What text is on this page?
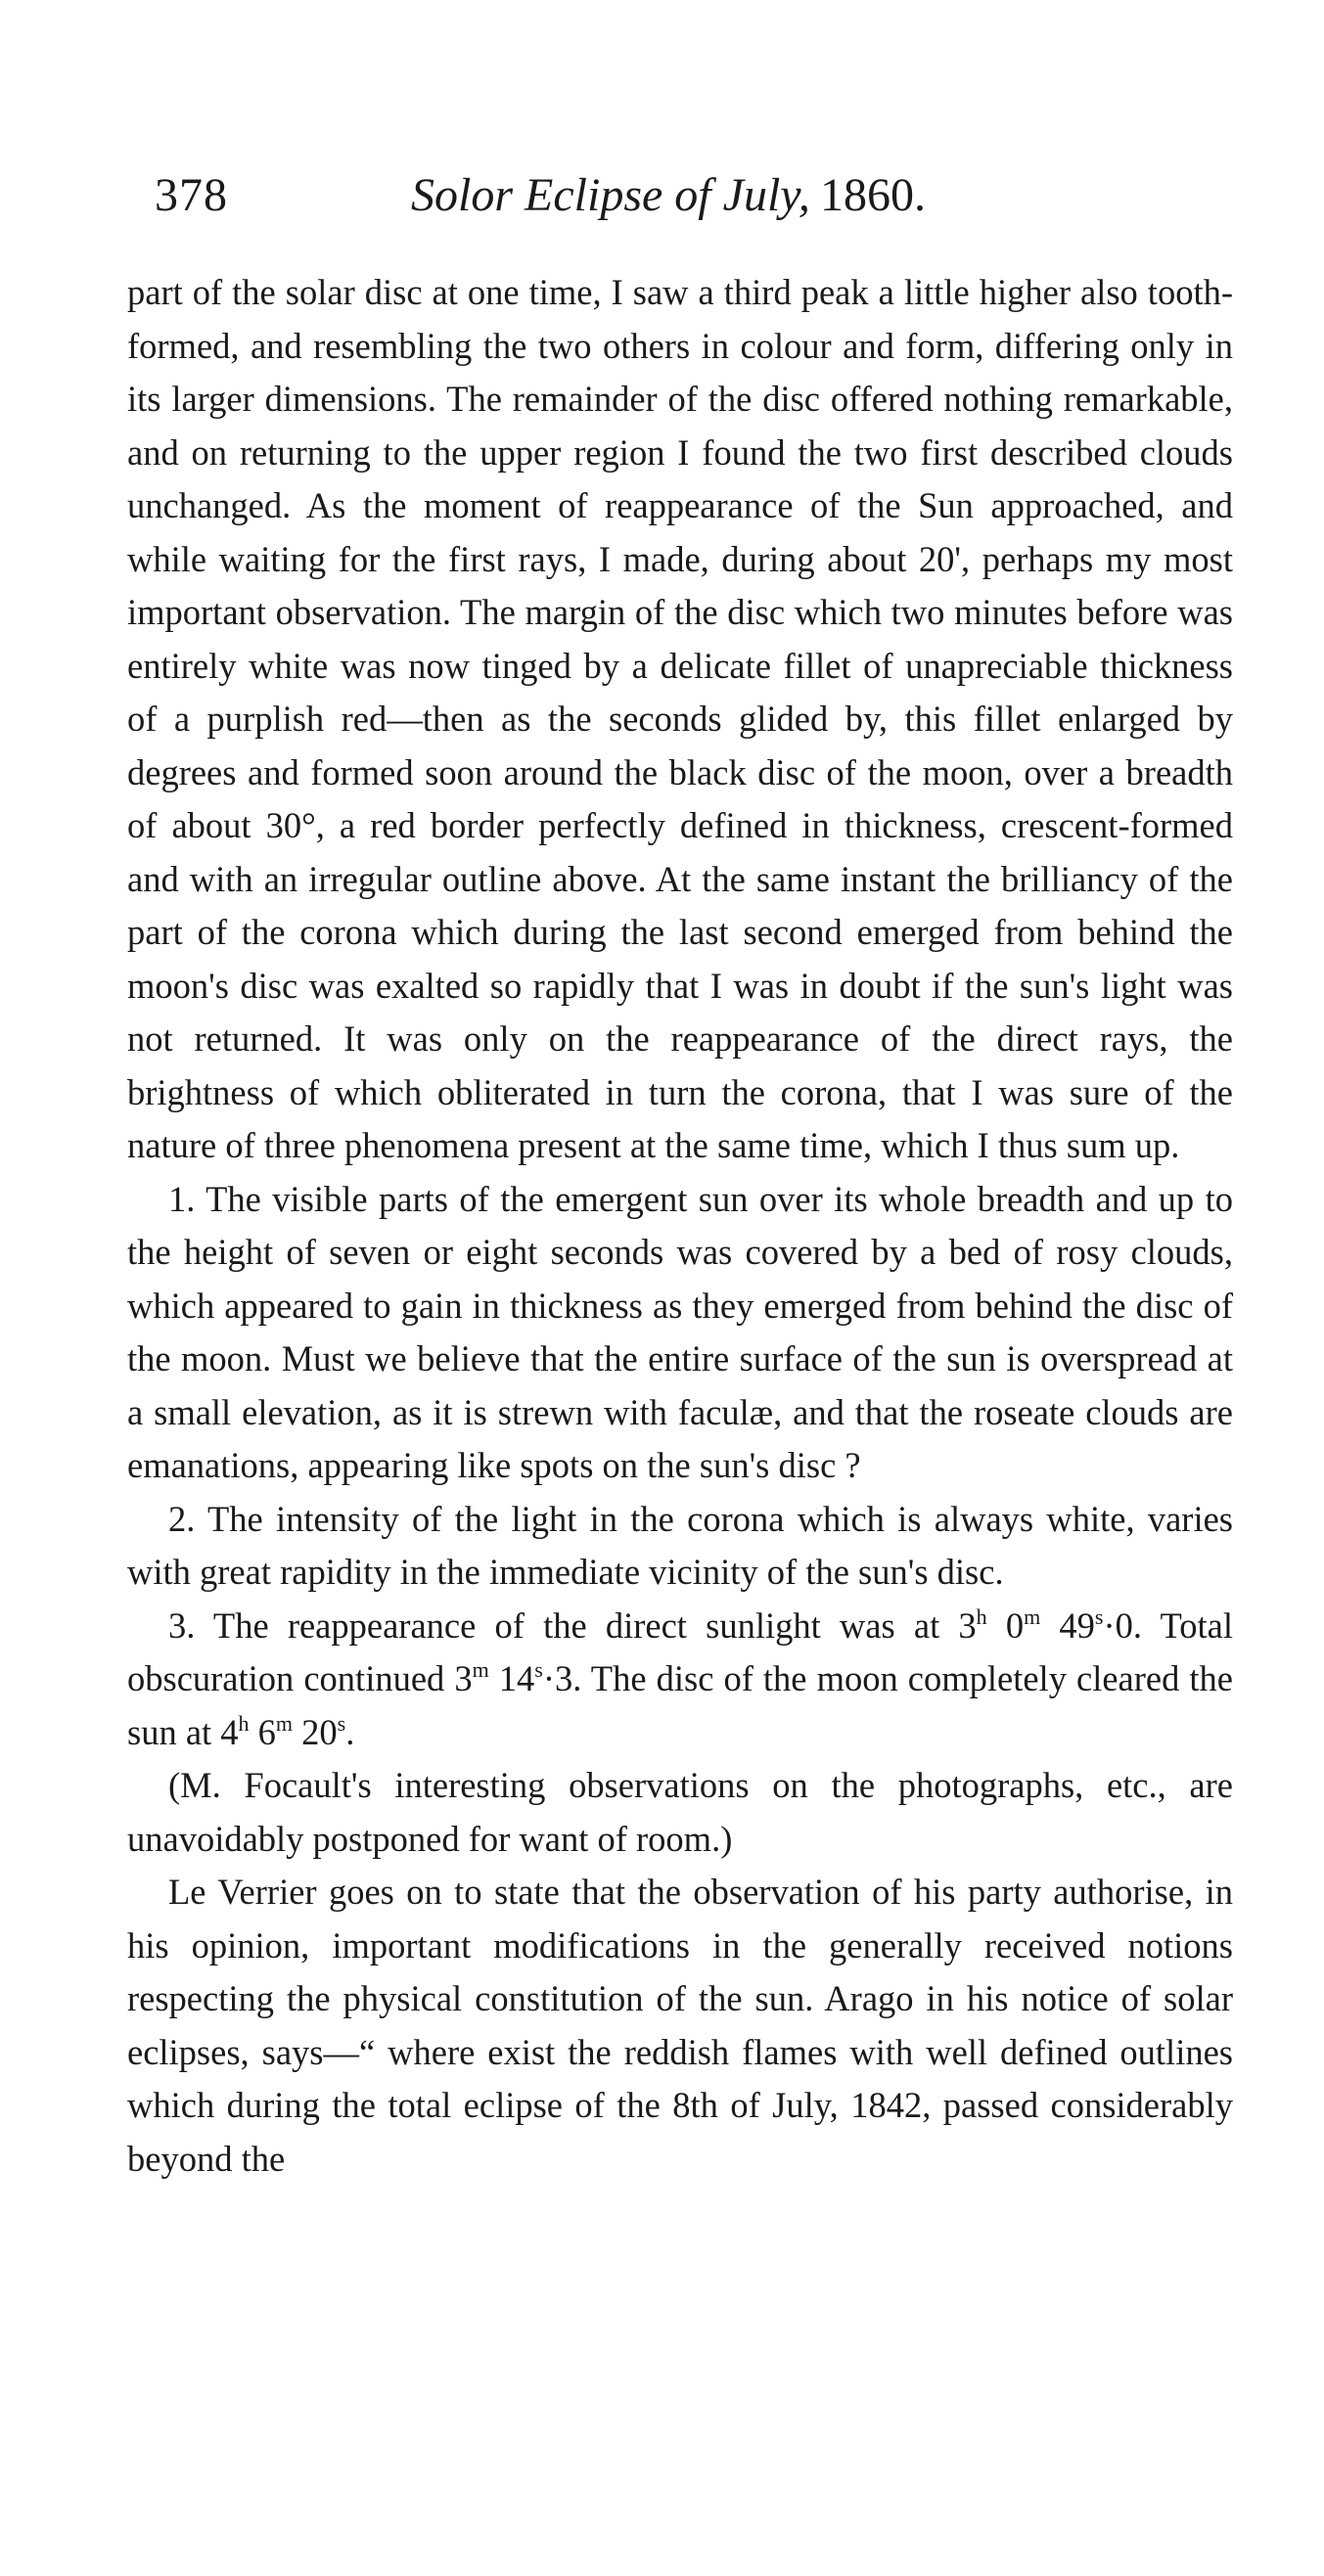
378	Solor Eclipse of July, 1860.

part of the solar disc at one time, I saw a third peak a little higher also tooth-formed, and resembling the two others in colour and form, differing only in its larger dimensions. The remainder of the disc offered nothing remarkable, and on returning to the upper region I found the two first described clouds unchanged. As the moment of reappearance of the Sun approached, and while waiting for the first rays, I made, during about 20', perhaps my most important observation. The margin of the disc which two minutes before was entirely white was now tinged by a delicate fillet of unapreciable thickness of a purplish red—then as the seconds glided by, this fillet enlarged by degrees and formed soon around the black disc of the moon, over a breadth of about 30°, a red border perfectly defined in thickness, crescent-formed and with an irregular outline above. At the same instant the brilliancy of the part of the corona which during the last second emerged from behind the moon's disc was exalted so rapidly that I was in doubt if the sun's light was not returned. It was only on the reappearance of the direct rays, the brightness of which obliterated in turn the corona, that I was sure of the nature of three phenomena present at the same time, which I thus sum up.

1. The visible parts of the emergent sun over its whole breadth and up to the height of seven or eight seconds was covered by a bed of rosy clouds, which appeared to gain in thickness as they emerged from behind the disc of the moon. Must we believe that the entire surface of the sun is overspread at a small elevation, as it is strewn with faculæ, and that the roseate clouds are emanations, appearing like spots on the sun's disc ?

2. The intensity of the light in the corona which is always white, varies with great rapidity in the immediate vicinity of the sun's disc.

3. The reappearance of the direct sunlight was at 3$^h$ 0$^m$ $49^s\cdot 0$. Total obscuration continued 3$^m$ $14^s\cdot 3$. The disc of the moon completely cleared the sun at 4$^h$ 6$^m$ 20$^s$.

(M. Focault's interesting observations on the photographs, etc., are unavoidably postponed for want of room.)

Le Verrier goes on to state that the observation of his party authorise, in his opinion, important modifications in the generally received notions respecting the physical constitution of the sun. Arago in his notice of solar eclipses, says—“ where exist the reddish flames with well defined outlines which during the total eclipse of the 8th of July, 1842, passed considerably beyond the
